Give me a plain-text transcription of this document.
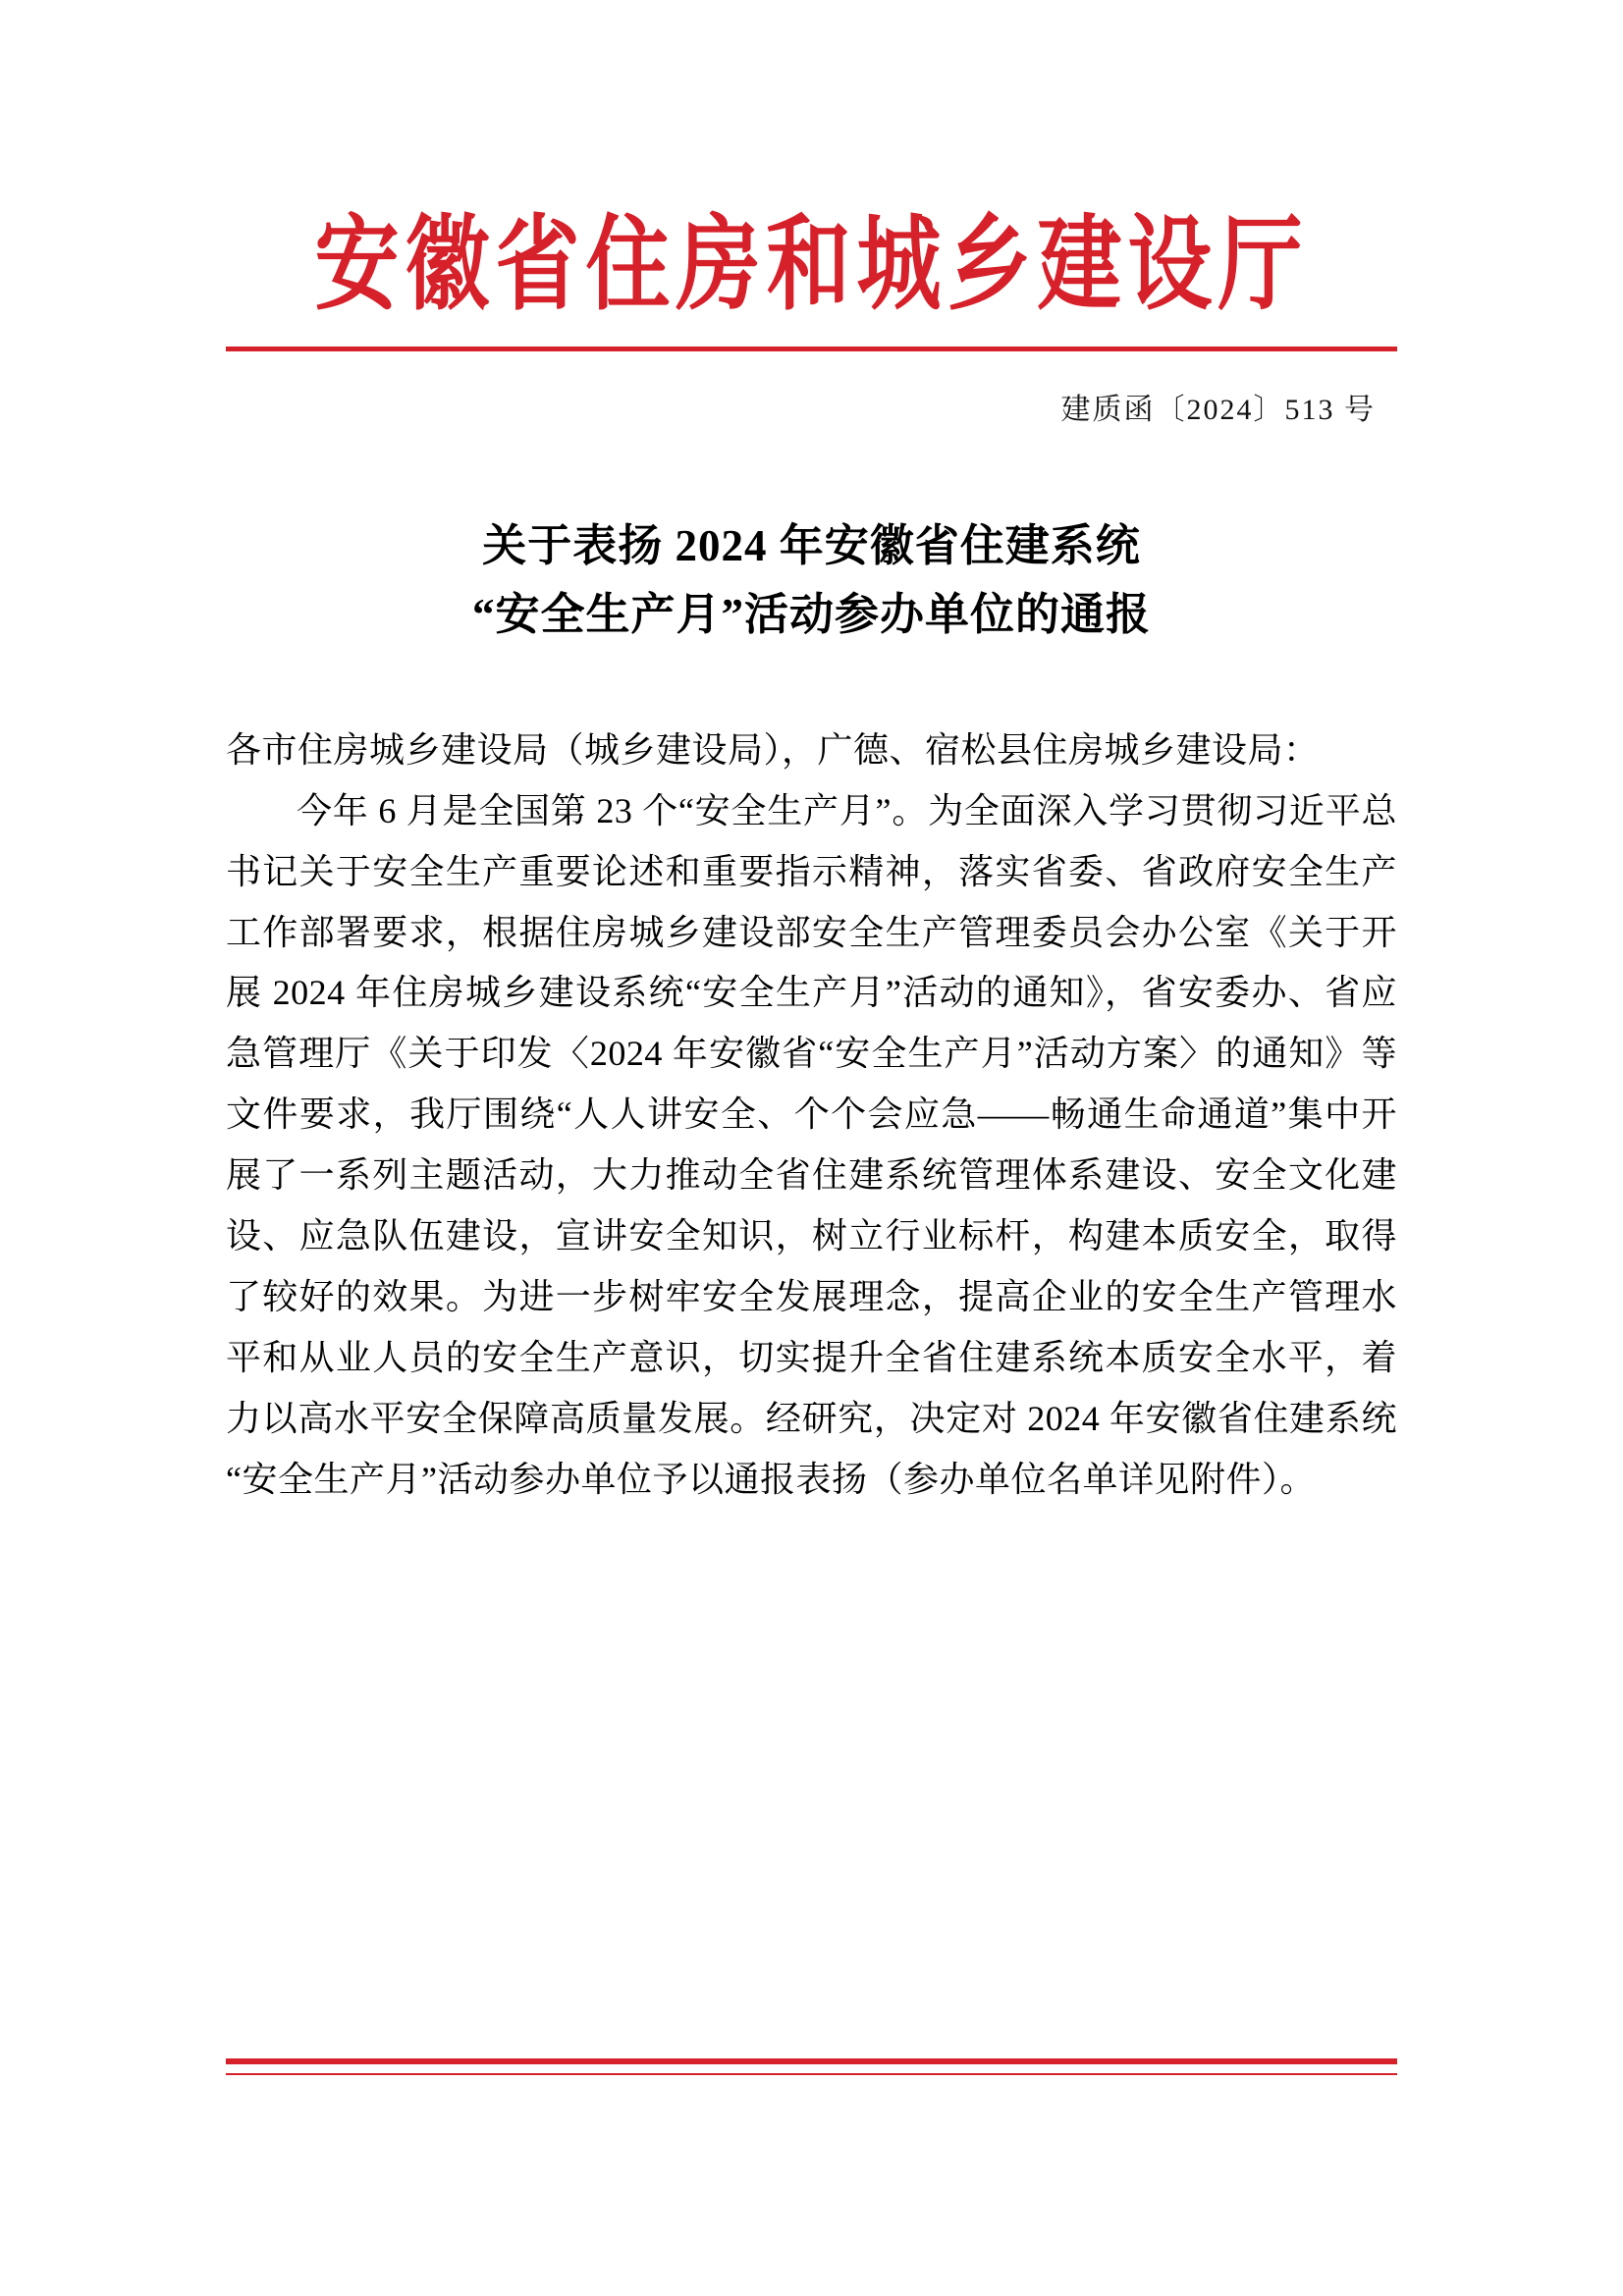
安徽省住房和城乡建设厅
建质函〔2024〕513 号
关于表扬 2024 年安徽省住建系统
“安全生产月”活动参办单位的通报

各市住房城乡建设局（城乡建设局），广德、宿松县住房城乡建设局：

今年 6 月是全国第 23 个“安全生产月”。为全面深入学习贯彻习近平总书记关于安全生产重要论述和重要指示精神，落实省委、省政府安全生产工作部署要求，根据住房城乡建设部安全生产管理委员会办公室《关于开展 2024 年住房城乡建设系统“安全生产月”活动的通知》，省安委办、省应急管理厅《关于印发〈2024 年安徽省“安全生产月”活动方案〉的通知》等文件要求，我厅围绕“人人讲安全、个个会应急——畅通生命通道”集中开展了一系列主题活动，大力推动全省住建系统管理体系建设、安全文化建设、应急队伍建设，宣讲安全知识，树立行业标杆，构建本质安全，取得了较好的效果。为进一步树牢安全发展理念，提高企业的安全生产管理水平和从业人员的安全生产意识，切实提升全省住建系统本质安全水平，着力以高水平安全保障高质量发展。经研究，决定对 2024 年安徽省住建系统“安全生产月”活动参办单位予以通报表扬（参办单位名单详见附件）。
